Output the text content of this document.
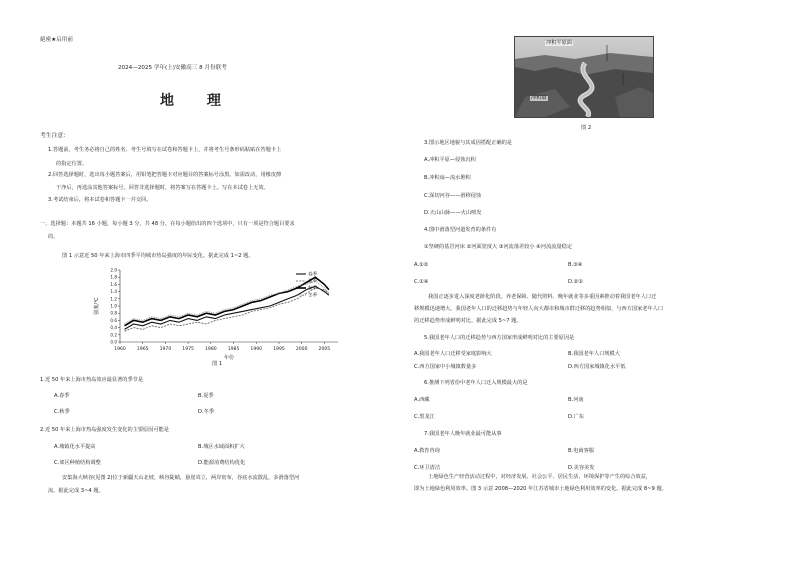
絕密★启用前
2024—2025 学年(上)安徽高三 8 月份联考
地 理
考生注意：
1.答题前，考生务必将自己的姓名、考生号填写在试卷和答题卡上，并将考生号条形码粘贴在答题卡上
的指定位置。
2.回答选择题时，选出每小题答案后，用铅笔把答题卡对应题目的答案标号涂黑。如需改动，用橡皮擦
干净后，再选涂其他答案标号。回答非选择题时，将答案写在答题卡上。写在本试卷上无效。
3.考试结束后，将本试卷和答题卡一并交回。
一、选择题：本题共 16 小题，每小题 3 分，共 48 分。在每小题给出的四个选项中，只有一项是符合题目要求
的。
图 1 示意近 50 年来上海市四季平均城市热岛强度的年际变化。据此完成 1~2 题。
1960 1965 1970 1975 1980 1985 1990 1995 2000 2005
0.0
0.2
0.4
0.6
0.8
1.0
1.2
1.4
1.6
1.8
2.0
年份
强度/℃
春季
夏季
秋季
冬季
图 1
1.近 50 年来上海市热岛效应最显著的季节是
A.春季	B.夏季
C.秋季	D.冬季
2.近 50 年来上海市热岛强度发生变化的主要原因可能是
A.城镇化水平提高	B.城区水域面积扩大
C.郊区种植结构调整	D.能源消费结构优化
安集海大峡谷(见图 2)位于新疆天山北坡，峡谷陡峭，悬崖耸立，两岸密布，谷底水流散乱，多滑落型河
流。据此完成 3~4 题。
冲积平原面
冲积扇
图 2
3.图示地区地貌与其成因搭配正确的是
A.冲积平原—侵蚀沉积
B.冲积扇—流水堆积
C.深切河谷——滑移侵蚀
D.天山山脉——火山喷发
4.图中滑落型河道发育的条件有
①坚硬的基岩河床 ②河面宽度大 ③河流落差较小 ④河流流量稳定
A.①②	B.③④
C.①④	D.②③
我国正逐步进入深度老龄化阶段。养老保障、随代照料、晚年就业等多重因素推动着我国老年人口迁
移规模迅速增大。我国老年人口的迁移趋势与年轻人向大都市和城市群迁移的趋势相似，与西方国家老年人口
的迁移趋势形成鲜明对比。据此完成 5~7 题。
5.我国老年人口的迁移趋势与西方国家形成鲜明对比的主要原因是
A.我国老年人口迁移受家庭影响大	B.我国老年人口规模大
C.西方国家中小城镇数量多	D.西方国家城镇化水平低
6.推测下列省份中老年人口迁入规模最大的是
A.西藏	B.河南
C.黑龙江	D.广东
7.我国老年人晚年就业最可能从事
A.教育咨询	B.电商客服
C.环卫清洁	D.美容美发
土地绿色生产经营活动过程中，对经济发展、社会公平、居民生活、环境保护等产生的综合效益，
即为土地绿色利用效率。图 3 示意 2008—2020 年江苏省城市土地绿色利用效率的变化。据此完成 8~9 题。
